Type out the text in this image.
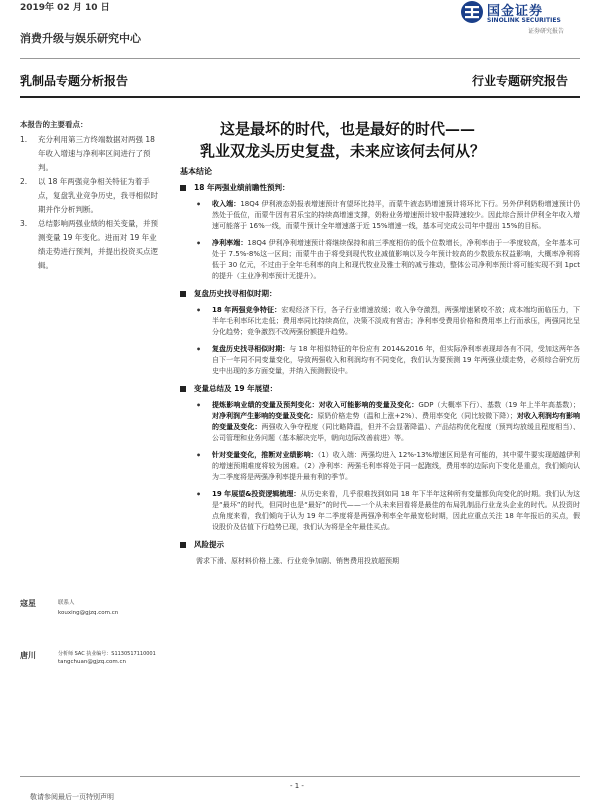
2019年 02 月 10 日	国金证券
SINOLINK SECURITIES
证券研究报告
消费升级与娱乐研究中心
乳制品专题分析报告	行业专题研究报告
本报告的主要看点：
1.	充分利用第三方终端数据对两强 18 年收入增速与净利率区间进行了预判。
2.	以 18 年两强竞争相关特征为着手点，复盘乳业竞争历史，我寻相似时期并作分析判断。
3.	总结影响两强业绩的相关变量，并预测变量 19 年变化。进而对 19 年业绩走势进行预判，并提出投资买点逻辑。
寇星	联系人
kouxing@gjzq.com.cn
唐川	分析师 SAC 执业编号：S1130517110001
tangchuan@gjzq.com.cn
这是最坏的时代，也是最好的时代——
乳业双龙头历史复盘，未来应该何去何从？
基本结论
18 年两强业绩前瞻性预判：
•	收入端：18Q4 伊利液态奶报表增速预计有望环比持平，而蒙牛液态奶增速预计将环比下行。另外伊利奶粉增速预计仍然处于低位，而蒙牛因有君乐宝的持续高增速支撑，奶粉业务增速预计较中报降速较少。因此综合预计伊利全年收入增速可能落于 16%一线，而蒙牛预计全年增速落于近 15%增速一线，基本可完成公司年中提出 15%的目标。
•	净利率端：18Q4 伊利净利增速预计将继续保持和前三季度相仿的低个位数增长，净利率由于一季度较高，全年基本可处于 7.5%-8%这一区间；而蒙牛由于将受到现代牧业减值影响以及今年预计较高的少数股东权益影响，大概率净利将低于 30 亿元，不过由于全年毛利率的向上和现代牧业及雅士利的减亏推动，整体公司净利率预计将可能实现不到 1pct 的提升（主业净利率预计无提升）。
复盘历史找寻相似时期：
•	18 年两强竞争特征：宏观经济下行，各子行业增速放缓；收入争夺激烈，两强增速紧咬不放；成本端均面临压力，下半年毛利率环比走低；费用率同比持续高位，决策不淡成有营击；净利率受费用价格和费用率上行而承压，两强同比呈分化趋势；竞争激烈不改两强份额提升趋势。
•	复盘历史找寻相似时期：与 18 年相似特征的年份应有 2014&2016 年，但实际净利率表现却各有不同，受加这两年各自下一年同不同变量变化，导致两强收入和利润均有不同变化，我们认为要预测 19 年两强业绩走势，必须综合研究历史中出现的多方面变量，并纳入预测假设中。
变量总结及 19 年展望：
•	提炼影响业绩的变量及预判变化：对收入可能影响的变量及变化：GDP（大概率下行）、基数（19 年上半年高基数）；对净利润产生影响的变量及变化：原奶价格走势（温和上涨+2%）、费用率变化（同比较微下降）；对收入利润均有影响的变量及变化：两强收入争夺程度（同比略降温，但并不会显著降温）、产品结构优化程度（预判均放缓且程度相当）、公司管理和业务问题（基本解决完毕，朝向边际改善前进）等。
•	针对变量变化，推断对业绩影响：（1）收入端：两强均进入 12%-13%增速区间是有可能的，其中蒙牛要实现超越伊利的增速预期难度将较为困难。（2）净利率：两强毛利率将处于同一起跑线，费用率的边际向下变化是重点，我们倾向认为二季度将是两强净利率提升最有利的季节。
•	19 年展望&投资逻辑梳理：从历史来看，几乎很难找到如同 18 年下半年这种所有变量都负向变化的时期。我们认为这是“最坏”的时代，但同时也是“最好”的时代——一个从未来回看将是最佳的布局乳制品行业龙头企业的时代。从投资时点角度来看，我们倾向于认为 19 年二季度将是两强净利率全年最宽松时期，因此应重点关注 18 年年报后的买点，假设股价及估值下行趋势已现，我们认为将是全年最佳买点。
风险提示
需求下滑、原材料价格上涨、行业竞争加剧、销售费用投放超预期
- 1 -
敬请参阅最后一页特别声明
